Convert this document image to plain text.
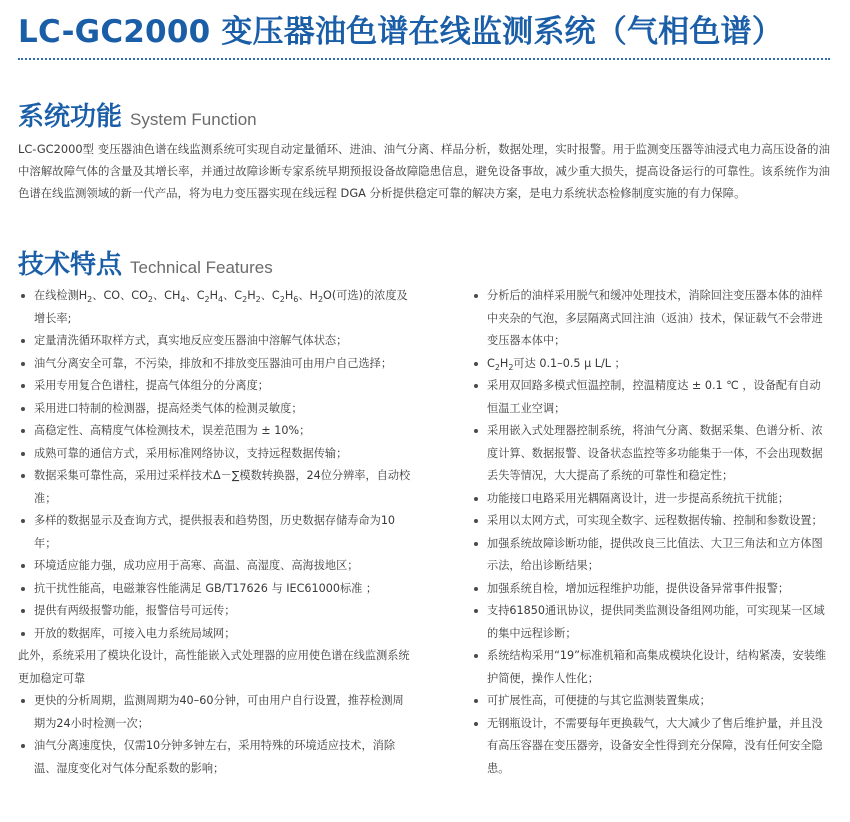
LC-GC2000 变压器油色谱在线监测系统（气相色谱）
系统功能 System Function

LC-GC2000型 变压器油色谱在线监测系统可实现自动定量循环、进油、油气分离、样品分析，数据处理，实时报警。用于监测变压器等油浸式电力高压设备的油中溶解故障气体的含量及其增长率，并通过故障诊断专家系统早期预报设备故障隐患信息，避免设备事故，减少重大损失，提高设备运行的可靠性。该系统作为油色谱在线监测领域的新一代产品，将为电力变压器实现在线远程 DGA 分析提供稳定可靠的解决方案，是电力系统状态检修制度实施的有力保障。

技术特点 Technical Features
在线检测$H_2$、CO、$CO_2$、$CH_4$、$C_2H_4$、$C_2H_2$、$C_2H_6$、$H_2O$(可选)的浓度及增长率;
定量清洗循环取样方式，真实地反应变压器油中溶解气体状态；
油气分离安全可靠，不污染，排放和不排放变压器油可由用户自己选择；
采用专用复合色谱柱，提高气体组分的分离度；
采用进口特制的检测器，提高烃类气体的检测灵敏度；
高稳定性、高精度气体检测技术，误差范围为 ± 10%；
成熟可靠的通信方式，采用标准网络协议，支持远程数据传输；
数据采集可靠性高，采用过采样技术Δ－∑模数转换器，24位分辨率，自动校准；
多样的数据显示及查询方式，提供报表和趋势图，历史数据存储寿命为10年；
环境适应能力强，成功应用于高寒、高温、高湿度、高海拔地区；
抗干扰性能高，电磁兼容性能满足 GB/T17626 与 IEC61000标准 ；
提供有两级报警功能，报警信号可远传；
开放的数据库，可接入电力系统局域网；

此外，系统采用了模块化设计，高性能嵌入式处理器的应用使色谱在线监测系统更加稳定可靠

更快的分析周期，监测周期为40–60分钟，可由用户自行设置，推荐检测周期为24小时检测一次；
油气分离速度快，仅需10分钟多钟左右，采用特殊的环境适应技术，消除温、湿度变化对气体分配系数的影响；
分析后的油样采用脱气和缓冲处理技术，消除回注变压器本体的油样中夹杂的气泡，多层隔离式回注油（返油）技术，保证载气不会带进变压器本体中；
$C_2H_2$可达 0.1–0.5 μ L/L ；
采用双回路多模式恒温控制，控温精度达 ± 0.1 ℃ ，设备配有自动恒温工业空调；
采用嵌入式处理器控制系统，将油气分离、数据采集、色谱分析、浓度计算、数据报警、设备状态监控等多功能集于一体，不会出现数据丢失等情况，大大提高了系统的可靠性和稳定性；
功能接口电路采用光耦隔离设计，进一步提高系统抗干扰能；
采用以太网方式，可实现全数字、远程数据传输、控制和参数设置；
加强系统故障诊断功能，提供改良三比值法、大卫三角法和立方体图示法，给出诊断结果；
加强系统自检，增加远程维护功能，提供设备异常事件报警；
支持61850通讯协议，提供同类监测设备组网功能，可实现某一区域的集中远程诊断；
系统结构采用“19”标准机箱和高集成模块化设计，结构紧凑，安装维护简便，操作人性化；
可扩展性高，可便捷的与其它监测装置集成；
无钢瓶设计，不需要每年更换载气，大大减少了售后维护量，并且没有高压容器在变压器旁，设备安全性得到充分保障，没有任何安全隐患。
